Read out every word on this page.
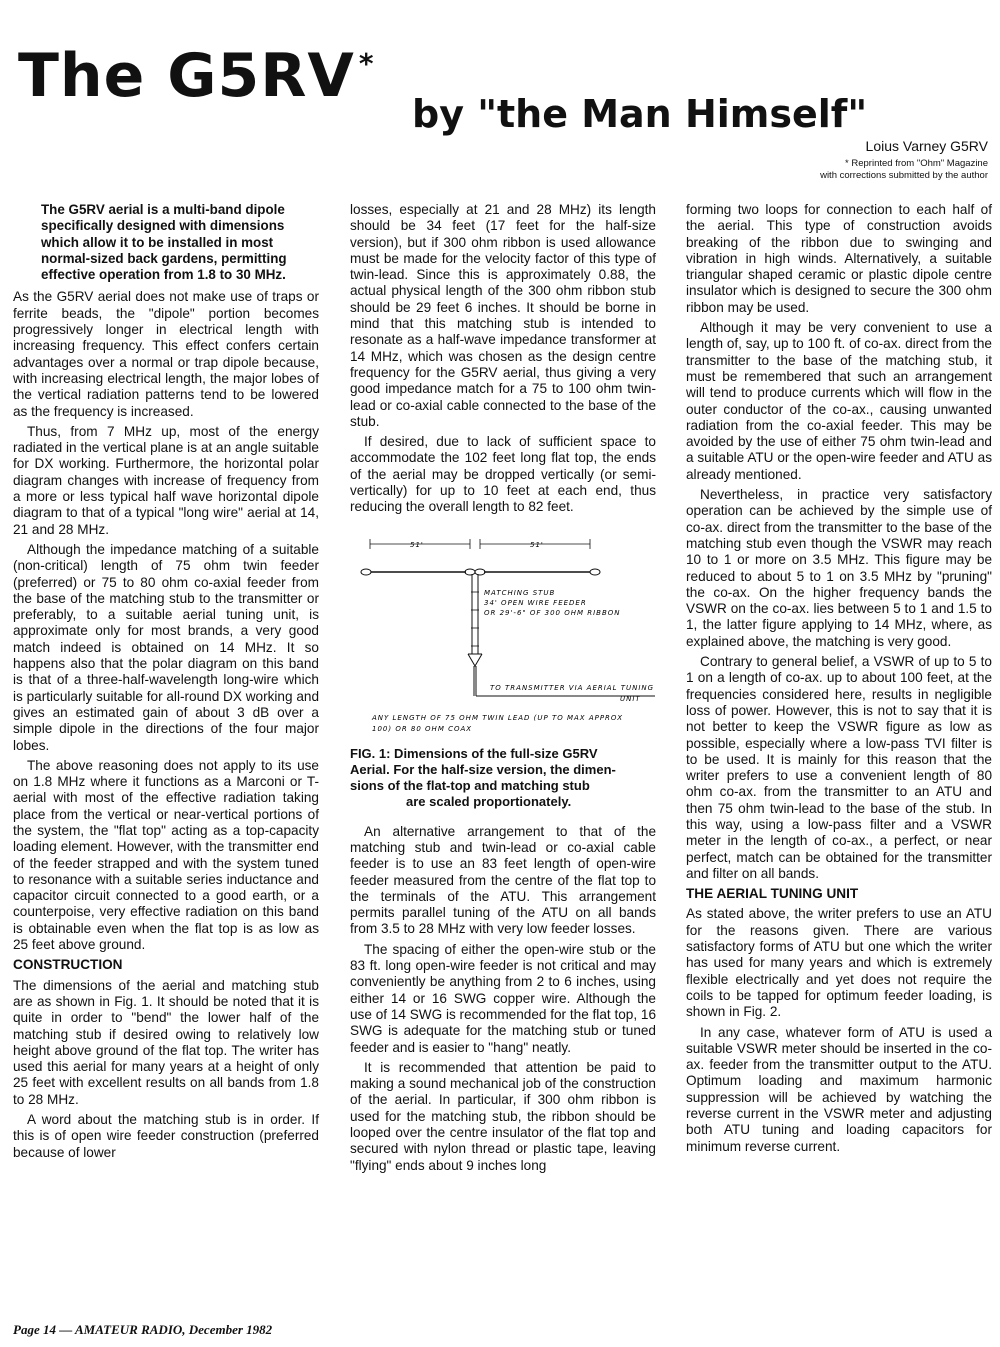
The G5RV *
by "the Man Himself"
Loius Varney G5RV
* Reprinted from "Ohm" Magazine
with corrections submitted by the author

The G5RV aerial is a multi-band dipole specifically designed with dimensions which allow it to be installed in most normal-sized back gardens, permitting effective operation from 1.8 to 30 MHz.

As the G5RV aerial does not make use of traps or ferrite beads, the "dipole" portion becomes progressively longer in electrical length with increasing frequency. This effect confers certain advantages over a normal or trap dipole because, with increasing electrical length, the major lobes of the vertical radiation patterns tend to be lowered as the frequency is increased.

Thus, from 7 MHz up, most of the energy radiated in the vertical plane is at an angle suitable for DX working. Furthermore, the horizontal polar diagram changes with increase of frequency from a more or less typical half wave horizontal dipole diagram to that of a typical "long wire" aerial at 14, 21 and 28 MHz.

Although the impedance matching of a suitable (non-critical) length of 75 ohm twin feeder (preferred) or 75 to 80 ohm co-axial feeder from the base of the matching stub to the transmitter or preferably, to a suitable aerial tuning unit, is approximate only for most brands, a very good match indeed is obtained on 14 MHz. It so happens also that the polar diagram on this band is that of a three-half-wavelength long-wire which is particularly suitable for all-round DX working and gives an estimated gain of about 3 dB over a simple dipole in the directions of the four major lobes.

The above reasoning does not apply to its use on 1.8 MHz where it functions as a Marconi or T-aerial with most of the effective radiation taking place from the vertical or near-vertical portions of the system, the "flat top" acting as a top-capacity loading element. However, with the transmitter end of the feeder strapped and with the system tuned to resonance with a suitable series inductance and capacitor circuit connected to a good earth, or a counterpoise, very effective radiation on this band is obtainable even when the flat top is as low as 25 feet above ground.

CONSTRUCTION

The dimensions of the aerial and matching stub are as shown in Fig. 1. It should be noted that it is quite in order to "bend" the lower half of the matching stub if desired owing to relatively low height above ground of the flat top. The writer has used this aerial for many years at a height of only 25 feet with excellent results on all bands from 1.8 to 28 MHz.

A word about the matching stub is in order. If this is of open wire feeder construction (preferred because of lower

losses, especially at 21 and 28 MHz) its length should be 34 feet (17 feet for the half-size version), but if 300 ohm ribbon is used allowance must be made for the velocity factor of this type of twin-lead. Since this is approximately 0.88, the actual physical length of the 300 ohm ribbon stub should be 29 feet 6 inches. It should be borne in mind that this matching stub is intended to resonate as a half-wave impedance transformer at 14 MHz, which was chosen as the design centre frequency for the G5RV aerial, thus giving a very good impedance match for a 75 to 100 ohm twin-lead or co-axial cable connected to the base of the stub.

If desired, due to lack of sufficient space to accommodate the 102 feet long flat top, the ends of the aerial may be dropped vertically (or semi-vertically) for up to 10 feet at each end, thus reducing the overall length to 82 feet.

51'	51'
MATCHING STUB
34' OPEN WIRE FEEDER
OR 29'-6" OF 300 OHM RIBBON
TO TRANSMITTER VIA AERIAL TUNING
UNIT
ANY LENGTH OF 75 OHM TWIN LEAD (UP TO MAX APPROX
100) OR 80 OHM COAX
FIG. 1: Dimensions of the full-size G5RV
Aerial. For the half-size version, the dimen-
sions of the flat-top and matching stub
are scaled proportionately.

An alternative arrangement to that of the matching stub and twin-lead or co-axial cable feeder is to use an 83 feet length of open-wire feeder measured from the centre of the flat top to the terminals of the ATU. This arrangement permits parallel tuning of the ATU on all bands from 3.5 to 28 MHz with very low feeder losses.

The spacing of either the open-wire stub or the 83 ft. long open-wire feeder is not critical and may conveniently be anything from 2 to 6 inches, using either 14 or 16 SWG copper wire. Although the use of 14 SWG is recommended for the flat top, 16 SWG is adequate for the matching stub or tuned feeder and is easier to "hang" neatly.

It is recommended that attention be paid to making a sound mechanical job of the construction of the aerial. In particular, if 300 ohm ribbon is used for the matching stub, the ribbon should be looped over the centre insulator of the flat top and secured with nylon thread or plastic tape, leaving "flying" ends about 9 inches long

forming two loops for connection to each half of the aerial. This type of construction avoids breaking of the ribbon due to swinging and vibration in high winds. Alternatively, a suitable triangular shaped ceramic or plastic dipole centre insulator which is designed to secure the 300 ohm ribbon may be used.

Although it may be very convenient to use a length of, say, up to 100 ft. of co-ax. direct from the transmitter to the base of the matching stub, it must be remembered that such an arrangement will tend to produce currents which will flow in the outer conductor of the co-ax., causing unwanted radiation from the co-axial feeder. This may be avoided by the use of either 75 ohm twin-lead and a suitable ATU or the open-wire feeder and ATU as already mentioned.

Nevertheless, in practice very satisfactory operation can be achieved by the simple use of co-ax. direct from the transmitter to the base of the matching stub even though the VSWR may reach 10 to 1 or more on 3.5 MHz. This figure may be reduced to about 5 to 1 on 3.5 MHz by "pruning" the co-ax. On the higher frequency bands the VSWR on the co-ax. lies between 5 to 1 and 1.5 to 1, the latter figure applying to 14 MHz, where, as explained above, the matching is very good.

Contrary to general belief, a VSWR of up to 5 to 1 on a length of co-ax. up to about 100 feet, at the frequencies considered here, results in negligible loss of power. However, this is not to say that it is not better to keep the VSWR figure as low as possible, especially where a low-pass TVI filter is to be used. It is mainly for this reason that the writer prefers to use a convenient length of 80 ohm co-ax. from the transmitter to an ATU and then 75 ohm twin-lead to the base of the stub. In this way, using a low-pass filter and a VSWR meter in the length of co-ax., a perfect, or near perfect, match can be obtained for the transmitter and filter on all bands.

THE AERIAL TUNING UNIT

As stated above, the writer prefers to use an ATU for the reasons given. There are various satisfactory forms of ATU but one which the writer has used for many years and which is extremely flexible electrically and yet does not require the coils to be tapped for optimum feeder loading, is shown in Fig. 2.

In any case, whatever form of ATU is used a suitable VSWR meter should be inserted in the co-ax. feeder from the transmitter output to the ATU. Optimum loading and maximum harmonic suppression will be achieved by watching the reverse current in the VSWR meter and adjusting both ATU tuning and loading capacitors for minimum reverse current.

Page 14 — AMATEUR RADIO, December 1982
